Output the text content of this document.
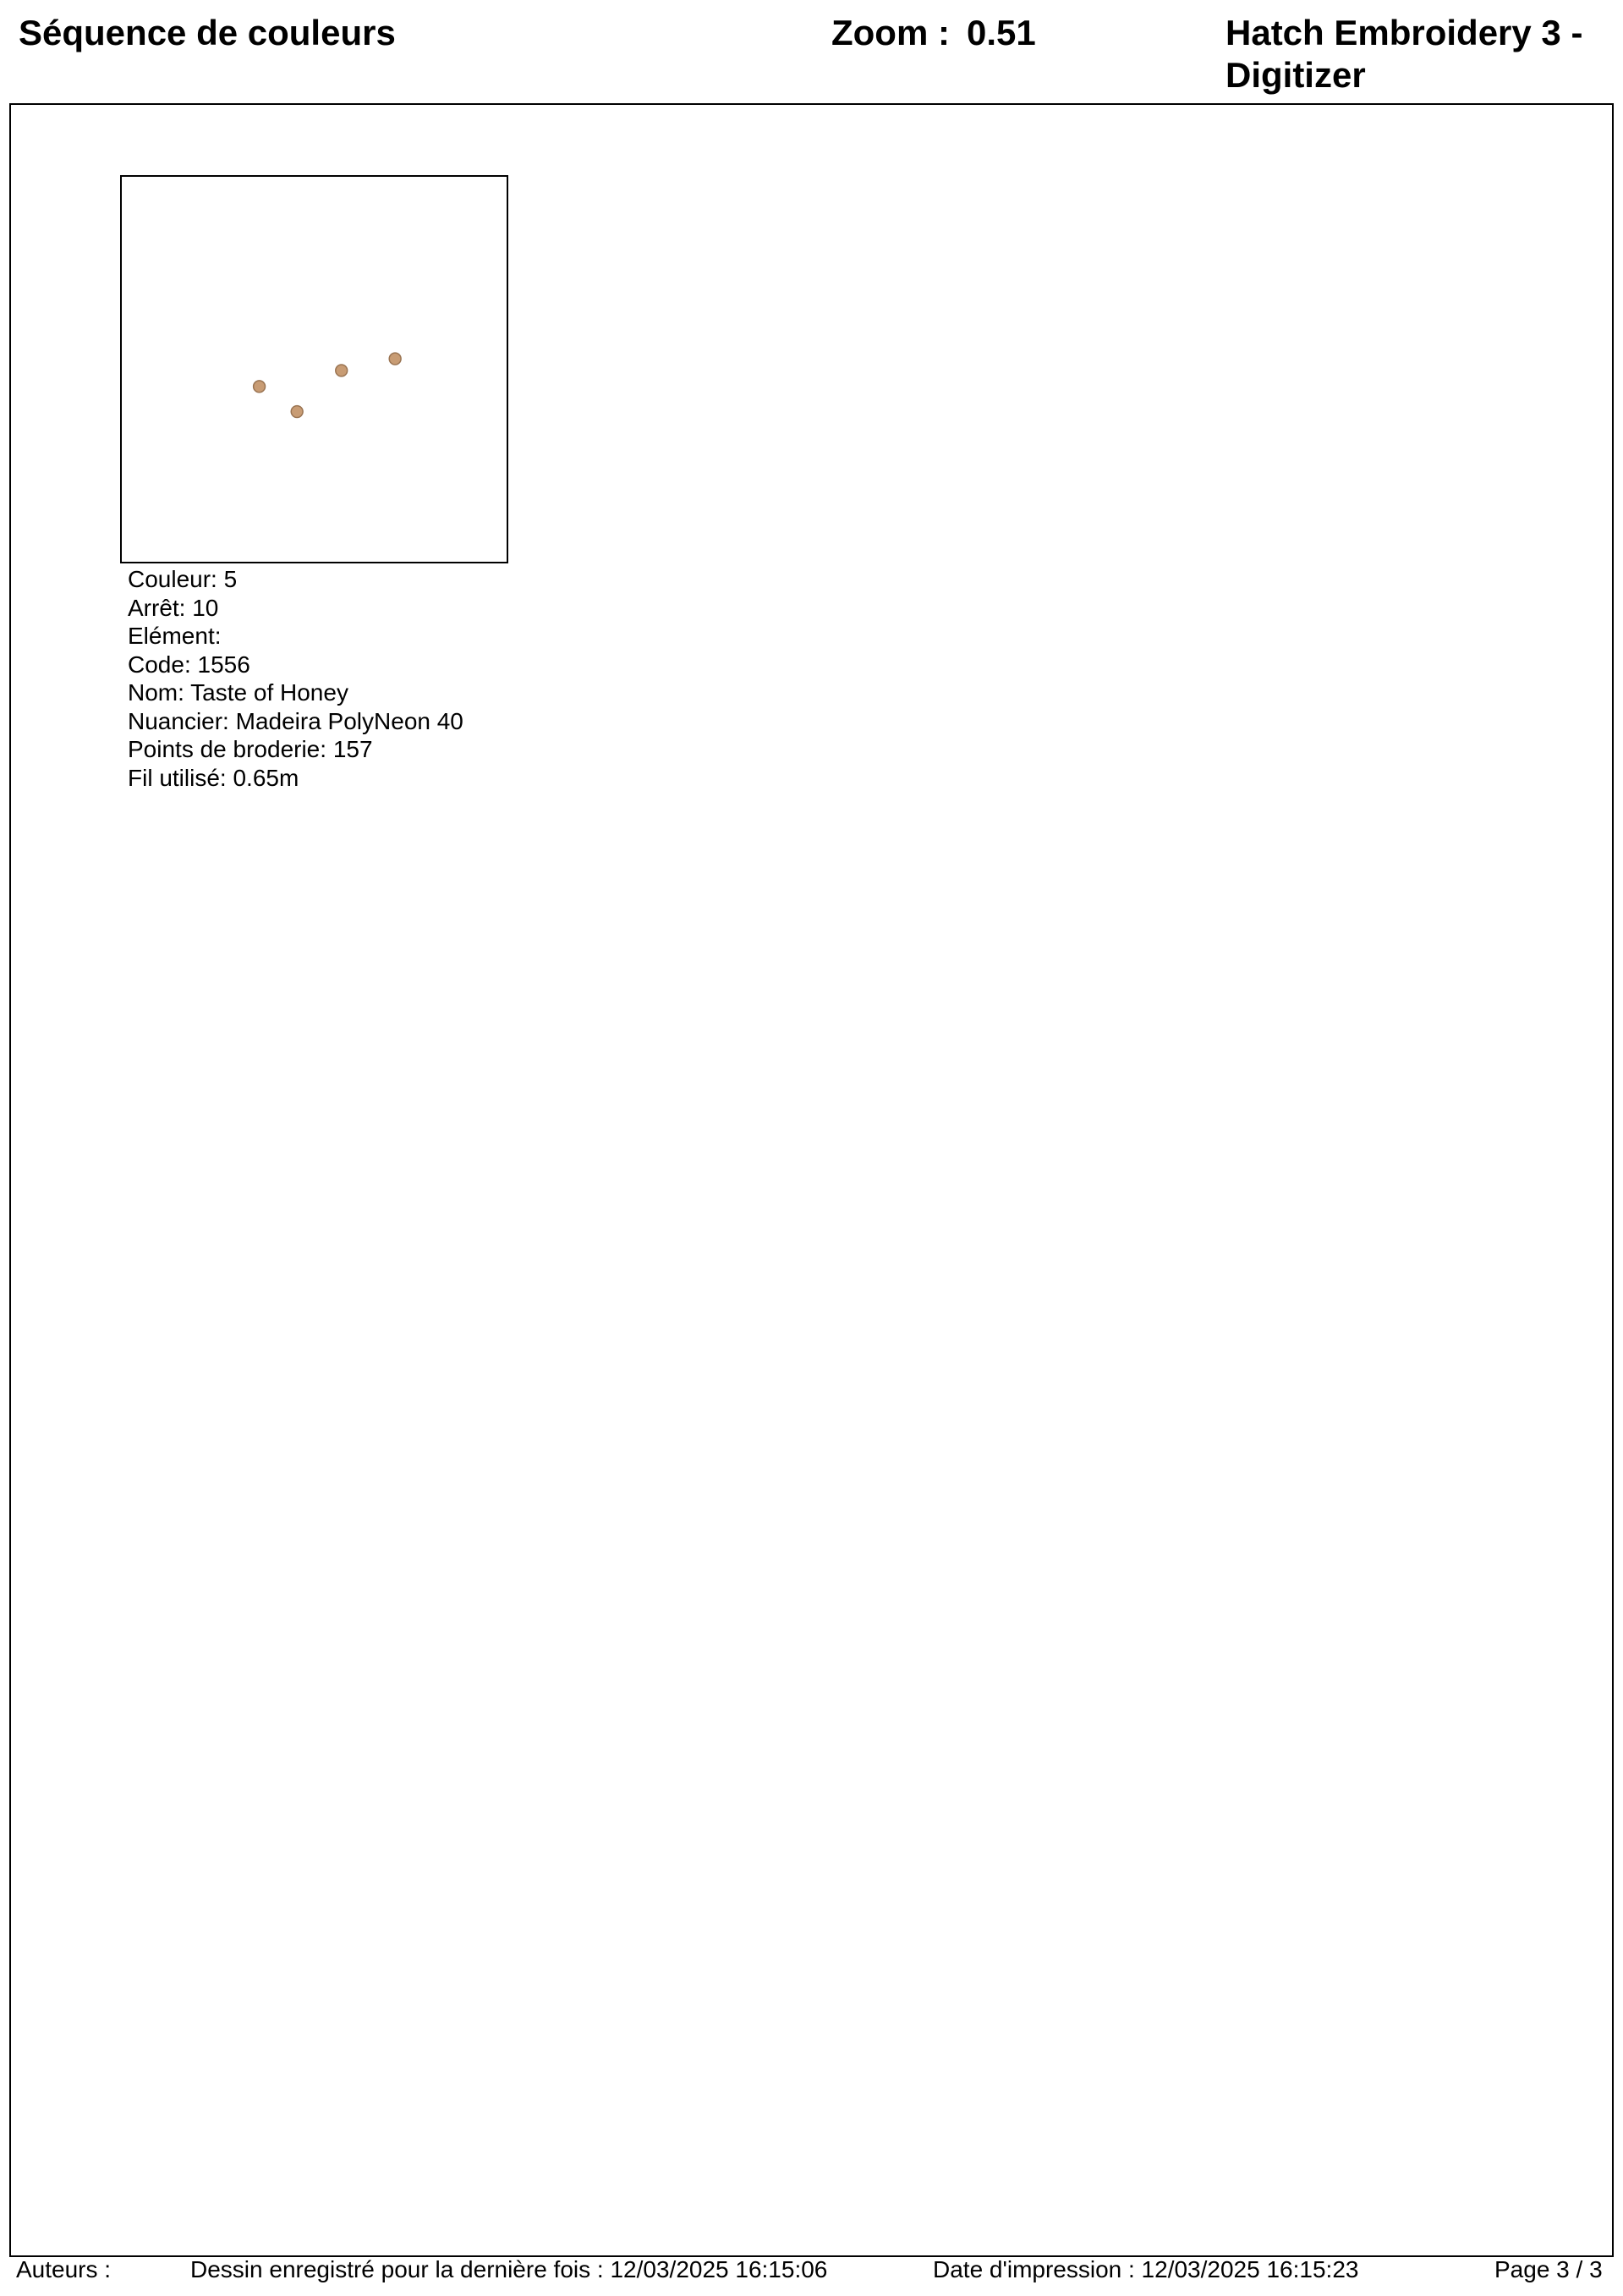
Séquence de couleurs	Zoom : 0.51	Hatch Embroidery 3 - Digitizer
Couleur: 5
Arrêt: 10
Elément:
Code: 1556
Nom: Taste of Honey
Nuancier: Madeira PolyNeon 40
Points de broderie: 157
Fil utilisé: 0.65m
Auteurs :	Dessin enregistré pour la dernière fois : 12/03/2025 16:15:06	Date d'impression : 12/03/2025 16:15:23	Page 3 / 3
